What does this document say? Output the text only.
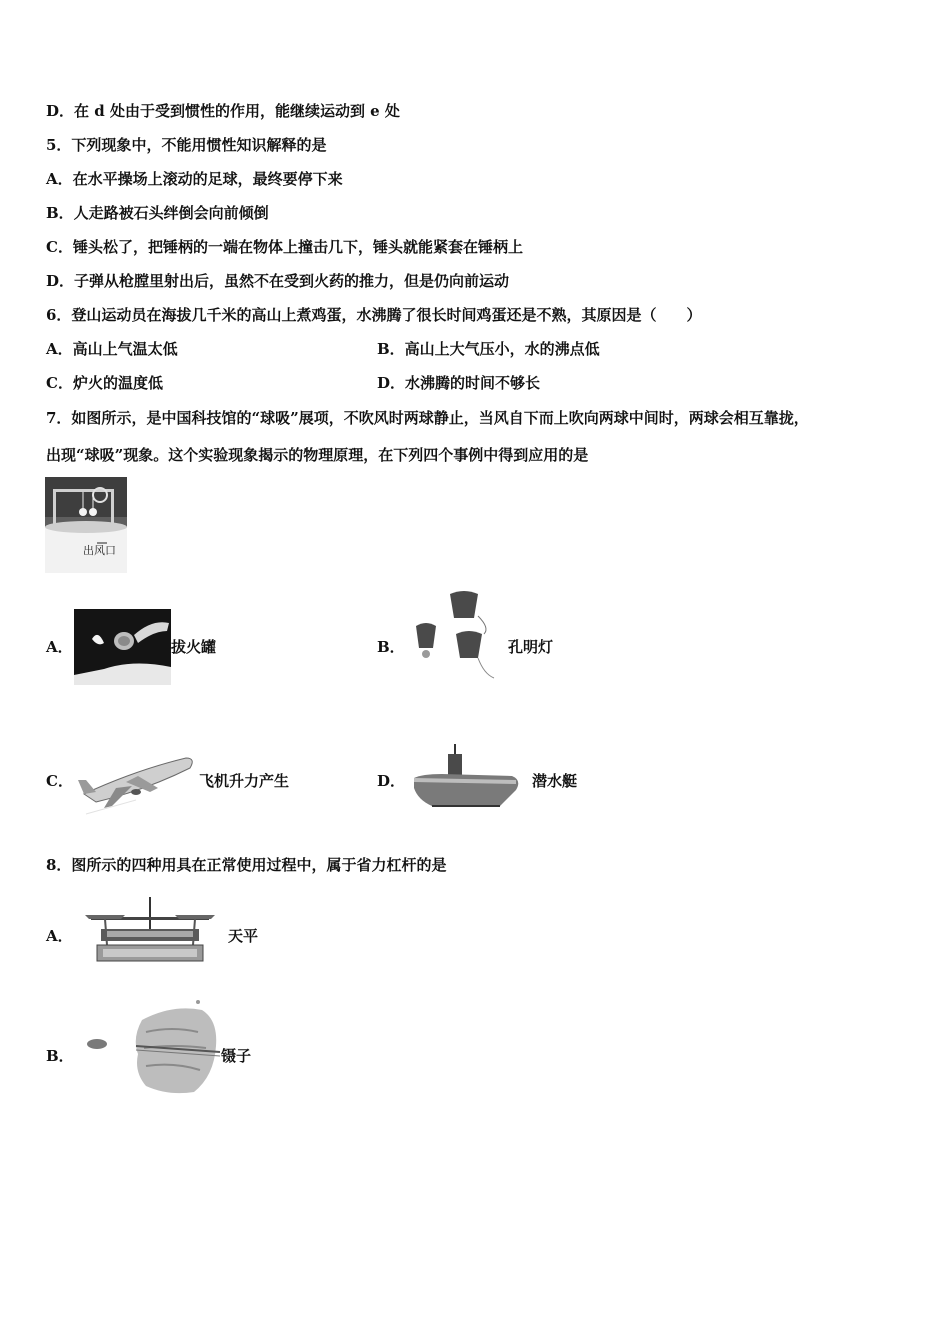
D．在 d 处由于受到惯性的作用，能继续运动到 e 处
5．下列现象中，不能用惯性知识解释的是
A．在水平操场上滚动的足球，最终要停下来
B．人走路被石头绊倒会向前倾倒
C．锤头松了，把锤柄的一端在物体上撞击几下，锤头就能紧套在锤柄上
D．子弹从枪膛里射出后，虽然不在受到火药的推力，但是仍向前运动
6．登山运动员在海拔几千米的高山上煮鸡蛋，水沸腾了很长时间鸡蛋还是不熟，其原因是（　　）
A．高山上气温太低	B．高山上大气压小，水的沸点低
C．炉火的温度低	D．水沸腾的时间不够长
7．如图所示，是中国科技馆的“球吸”展项，不吹风时两球静止，当风自下而上吹向两球中间时，两球会相互靠拢，
出现“球吸”现象。这个实验现象揭示的物理原理，在下列四个事例中得到应用的是
出风口
A．	拔火罐	B．	孔明灯
C．	飞机升力产生	D．	潜水艇
8．图所示的四种用具在正常使用过程中，属于省力杠杆的是
A．	天平
B．	镊子
